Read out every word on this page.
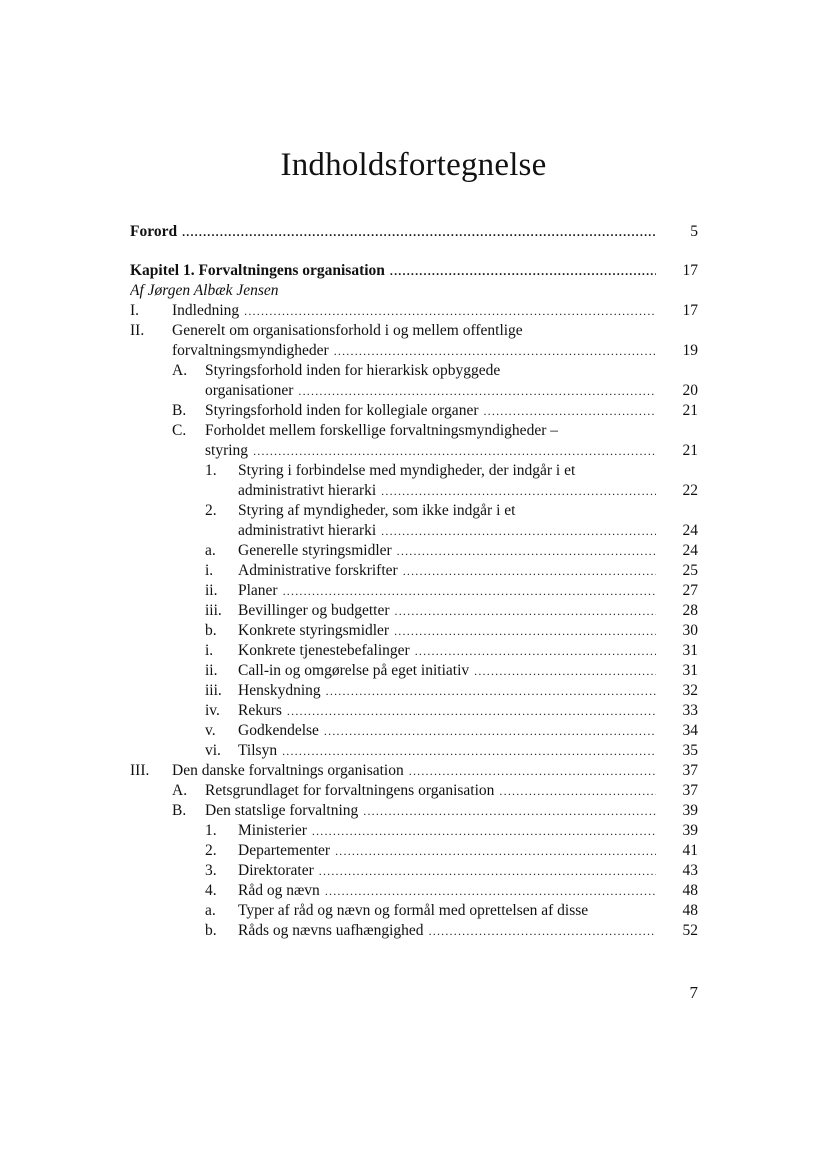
Indholdsfortegnelse
Forord .....	5
Kapitel 1. Forvaltningens organisation .....	17
Af Jørgen Albæk Jensen
I. Indledning .....	17
II. Generelt om organisationsforhold i og mellem offentlige
forvaltningsmyndigheder .....	19
A. Styringsforhold inden for hierarkisk opbyggede
organisationer .....	20
B. Styringsforhold inden for kollegiale organer .....	21
C. Forholdet mellem forskellige forvaltningsmyndigheder –
styring .....	21
1. Styring i forbindelse med myndigheder, der indgår i et
administrativt hierarki .....	22
2. Styring af myndigheder, som ikke indgår i et
administrativt hierarki .....	24
a. Generelle styringsmidler .....	24
i. Administrative forskrifter .....	25
ii. Planer .....	27
iii. Bevillinger og budgetter .....	28
b. Konkrete styringsmidler .....	30
i. Konkrete tjenestebefalinger .....	31
ii. Call-in og omgørelse på eget initiativ .....	31
iii. Henskydning .....	32
iv. Rekurs .....	33
v. Godkendelse .....	34
vi. Tilsyn .....	35
III. Den danske forvaltnings organisation .....	37
A. Retsgrundlaget for forvaltningens organisation .....	37
B. Den statslige forvaltning .....	39
1. Ministerier .....	39
2. Departementer .....	41
3. Direktorater .....	43
4. Råd og nævn .....	48
a. Typer af råd og nævn og formål med oprettelsen af disse	48
b. Råds og nævns uafhængighed .....	52
7
